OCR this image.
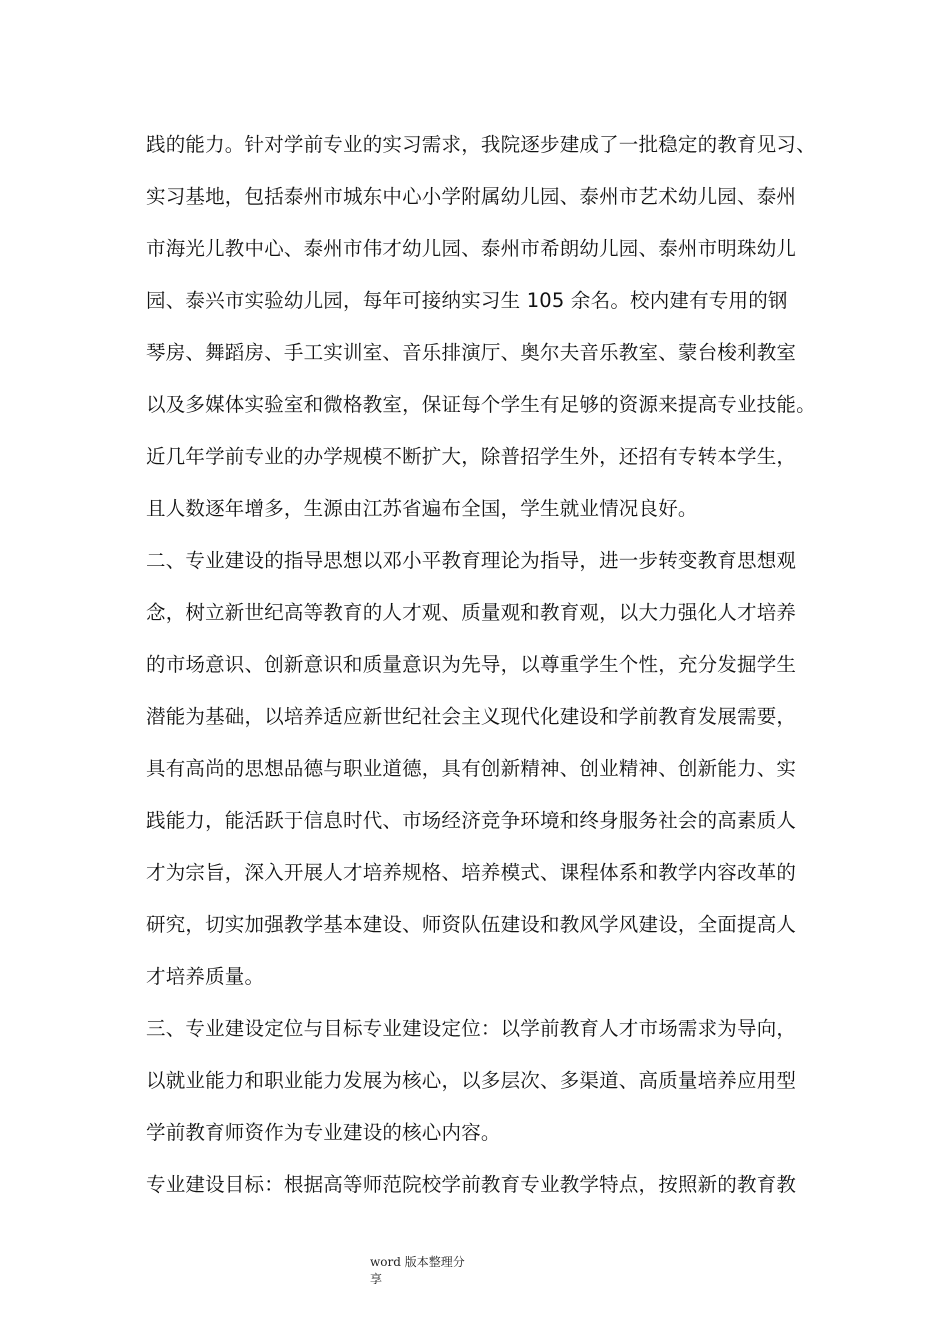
践的能力。针对学前专业的实习需求，我院逐步建成了一批稳定的教育见习、
实习基地，包括泰州市城东中心小学附属幼儿园、泰州市艺术幼儿园、泰州
市海光儿教中心、泰州市伟才幼儿园、泰州市希朗幼儿园、泰州市明珠幼儿
园、泰兴市实验幼儿园，每年可接纳实习生 105 余名。校内建有专用的钢
琴房、舞蹈房、手工实训室、音乐排演厅、奥尔夫音乐教室、蒙台梭利教室
以及多媒体实验室和微格教室，保证每个学生有足够的资源来提高专业技能。
近几年学前专业的办学规模不断扩大，除普招学生外，还招有专转本学生，
且人数逐年增多，生源由江苏省遍布全国，学生就业情况良好。
二、专业建设的指导思想以邓小平教育理论为指导，进一步转变教育思想观
念，树立新世纪高等教育的人才观、质量观和教育观，以大力强化人才培养
的市场意识、创新意识和质量意识为先导，以尊重学生个性，充分发掘学生
潜能为基础，以培养适应新世纪社会主义现代化建设和学前教育发展需要，
具有高尚的思想品德与职业道德，具有创新精神、创业精神、创新能力、实
践能力，能活跃于信息时代、市场经济竞争环境和终身服务社会的高素质人
才为宗旨，深入开展人才培养规格、培养模式、课程体系和教学内容改革的
研究，切实加强教学基本建设、师资队伍建设和教风学风建设，全面提高人
才培养质量。
三、专业建设定位与目标专业建设定位：以学前教育人才市场需求为导向，
以就业能力和职业能力发展为核心，以多层次、多渠道、高质量培养应用型
学前教育师资作为专业建设的核心内容。
专业建设目标：根据高等师范院校学前教育专业教学特点，按照新的教育教
word 版本整理分
享
